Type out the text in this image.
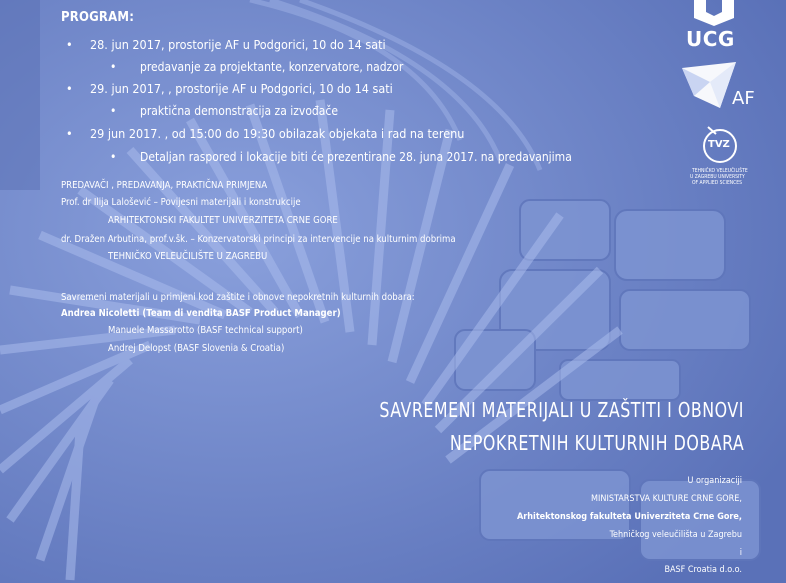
PROGRAM:
• 28. jun 2017, prostorije AF u Podgorici, 10 do 14 sati
• predavanje za projektante, konzervatore, nadzor
• 29. jun 2017, , prostorije AF u Podgorici, 10 do 14 sati
• praktična demonstracija za izvođače
• 29 jun 2017. , od 15:00 do 19:30 obilazak objekata i rad na terenu
• Detaljan raspored i lokacije biti će prezentirane 28. juna 2017. na predavanjima
PREDAVAČI , PREDAVANJA, PRAKTIČNA PRIMJENA
Prof. dr Ilija Lalošević – Povijesni materijali i konstrukcije
ARHITEKTONSKI FAKULTET UNIVERZITETA CRNE GORE
dr. Dražen Arbutina, prof.v.šk. – Konzervatorski principi za intervencije na kulturnim dobrima
TEHNIČKO VELEUČILIŠTE U ZAGREBU
Savremeni materijali u primjeni kod zaštite i obnove nepokretnih kulturnih dobara:
Andrea Nicoletti (Team di vendita BASF Product Manager)
Manuele Massarotto (BASF technical support)
Andrej Delopst (BASF Slovenia & Croatia)
SAVREMENI MATERIJALI U ZAŠTITI I OBNOVI
NEPOKRETNIH KULTURNIH DOBARA
U organizaciji
MINISTARSTVA KULTURE CRNE GORE,
Arhitektonskog fakulteta Univerziteta Crne Gore,
Tehničkog veleučilišta u Zagrebu
i
BASF Croatia d.o.o.
UCG
AF
TVZ
TEHNIČKO VELEUČILIŠTE
U ZAGREBU UNIVERSITY
OF APPLIED SCIENCES
